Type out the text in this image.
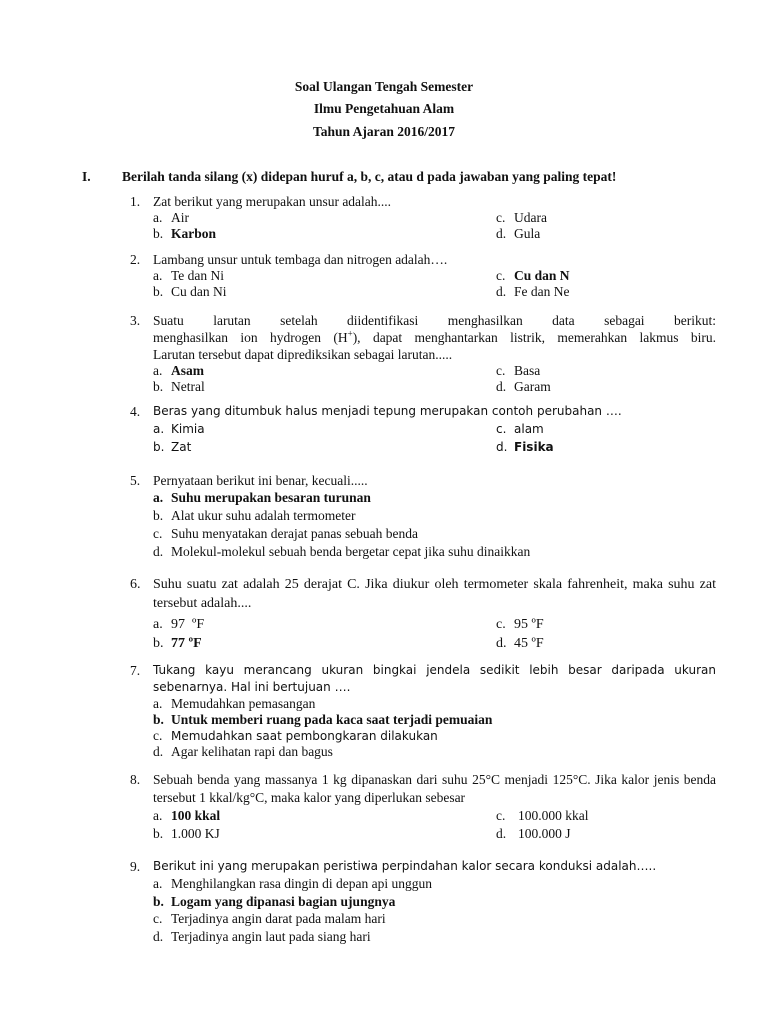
Soal Ulangan Tengah Semester
Ilmu Pengetahuan Alam
Tahun Ajaran 2016/2017
I. Berilah tanda silang (x) didepan huruf a, b, c, atau d pada jawaban yang paling tepat!
1. Zat berikut yang merupakan unsur adalah....
a. Air	c. Udara
b. Karbon	d. Gula
2. Lambang unsur untuk tembaga dan nitrogen adalah….
a. Te dan Ni	c. Cu dan N
b. Cu dan Ni	d. Fe dan Ne
3. Suatu larutan setelah diidentifikasi menghasilkan data sebagai berikut:
menghasilkan ion hydrogen (H+), dapat menghantarkan listrik, memerahkan lakmus biru.
Larutan tersebut dapat diprediksikan sebagai larutan.....
a. Asam	c. Basa
b. Netral	d. Garam
4. Beras yang ditumbuk halus menjadi tepung merupakan contoh perubahan ….
a. Kimia	c. alam
b. Zat	d. Fisika
5. Pernyataan berikut ini benar, kecuali.....
a. Suhu merupakan besaran turunan
b. Alat ukur suhu adalah termometer
c. Suhu menyatakan derajat panas sebuah benda
d. Molekul-molekul sebuah benda bergetar cepat jika suhu dinaikkan
6. Suhu suatu zat adalah 25 derajat C. Jika diukur oleh termometer skala fahrenheit, maka suhu zat tersebut adalah....
a. 97  ºF	c. 95 ºF
b. 77 ºF	d. 45 ºF
7. Tukang kayu merancang ukuran bingkai jendela sedikit lebih besar daripada ukuran sebenarnya. Hal ini bertujuan ….
a. Memudahkan pemasangan
b. Untuk memberi ruang pada kaca saat terjadi pemuaian
c. Memudahkan saat pembongkaran dilakukan
d. Agar kelihatan rapi dan bagus
8. Sebuah benda yang massanya 1 kg dipanaskan dari suhu 25°C menjadi 125°C. Jika kalor jenis benda tersebut 1 kkal/kg°C, maka kalor yang diperlukan sebesar
a. 100 kkal	c. 100.000 kkal
b. 1.000 KJ	d. 100.000 J
9. Berikut ini yang merupakan peristiwa perpindahan kalor secara konduksi adalah…..
a. Menghilangkan rasa dingin di depan api unggun
b. Logam yang dipanasi bagian ujungnya
c. Terjadinya angin darat pada malam hari
d. Terjadinya angin laut pada siang hari
